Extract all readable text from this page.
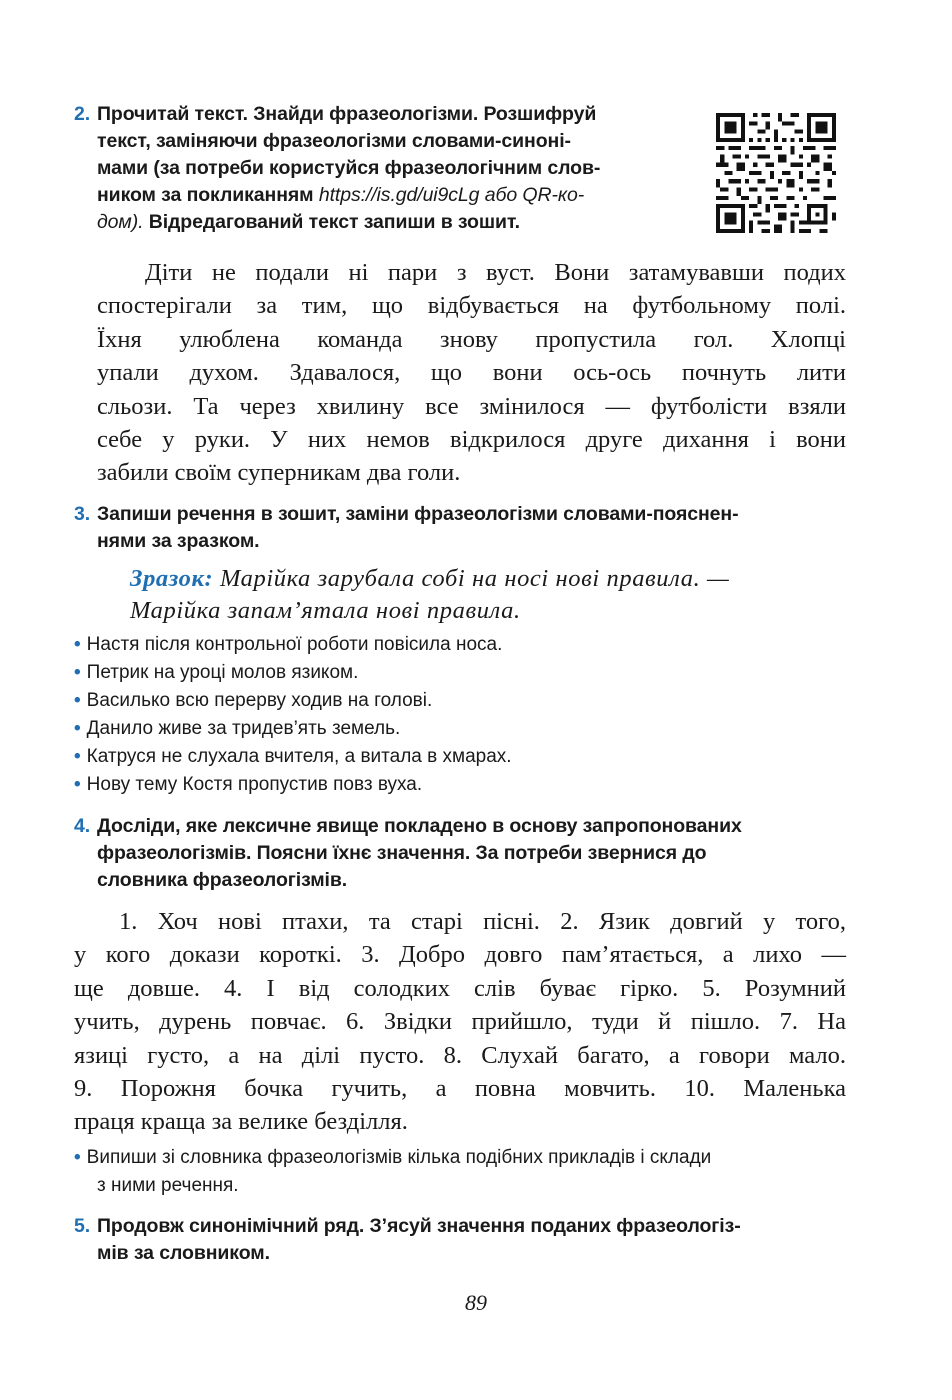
2. Прочитай текст. Знайди фразеологізми. Розшифруй
текст, заміняючи фразеологізми словами-синоні-
мами (за потреби користуйся фразеологічним слов-
ником за покликанням https://is.gd/ui9cLg або QR-ко-
дом). Відредагований текст запиши в зошит.
Діти не подали ні пари з вуст. Вони затамувавши подих
спостерігали за тим, що відбувається на футбольному полі.
Їхня улюблена команда знову пропустила гол. Хлопці
упали духом. Здавалося, що вони ось-ось почнуть лити
сльози. Та через хвилину все змінилося — футболісти взяли
себе у руки. У них немов відкрилося друге дихання і вони
забили своїм суперникам два голи.
3. Запиши речення в зошит, заміни фразеологізми словами-пояснен-
нями за зразком.
Зразок: Марійка зарубала собі на носі нові правила. —
Марійка запам’ятала нові правила.
• Настя після контрольної роботи повісила носа.
• Петрик на уроці молов язиком.
• Василько всю перерву ходив на голові.
• Данило живе за тридев’ять земель.
• Катруся не слухала вчителя, а витала в хмарах.
• Нову тему Костя пропустив повз вуха.
4. Досліди, яке лексичне явище покладено в основу запропонованих
фразеологізмів. Поясни їхнє значення. За потреби звернися до
словника фразеологізмів.
1. Хоч нові птахи, та старі пісні. 2. Язик довгий у того,
у кого докази короткі. 3. Добро довго пам’ятається, а лихо —
ще довше. 4. І від солодких слів буває гірко. 5. Розумний
учить, дурень повчає. 6. Звідки прийшло, туди й пішло. 7. На
язиці густо, а на ділі пусто. 8. Слухай багато, а говори мало.
9. Порожня бочка гучить, а повна мовчить. 10. Маленька
праця краща за велике безділля.
• Випиши зі словника фразеологізмів кілька подібних прикладів і склади
з ними речення.
5. Продовж синонімічний ряд. З’ясуй значення поданих фразеологіз-
мів за словником.
89
